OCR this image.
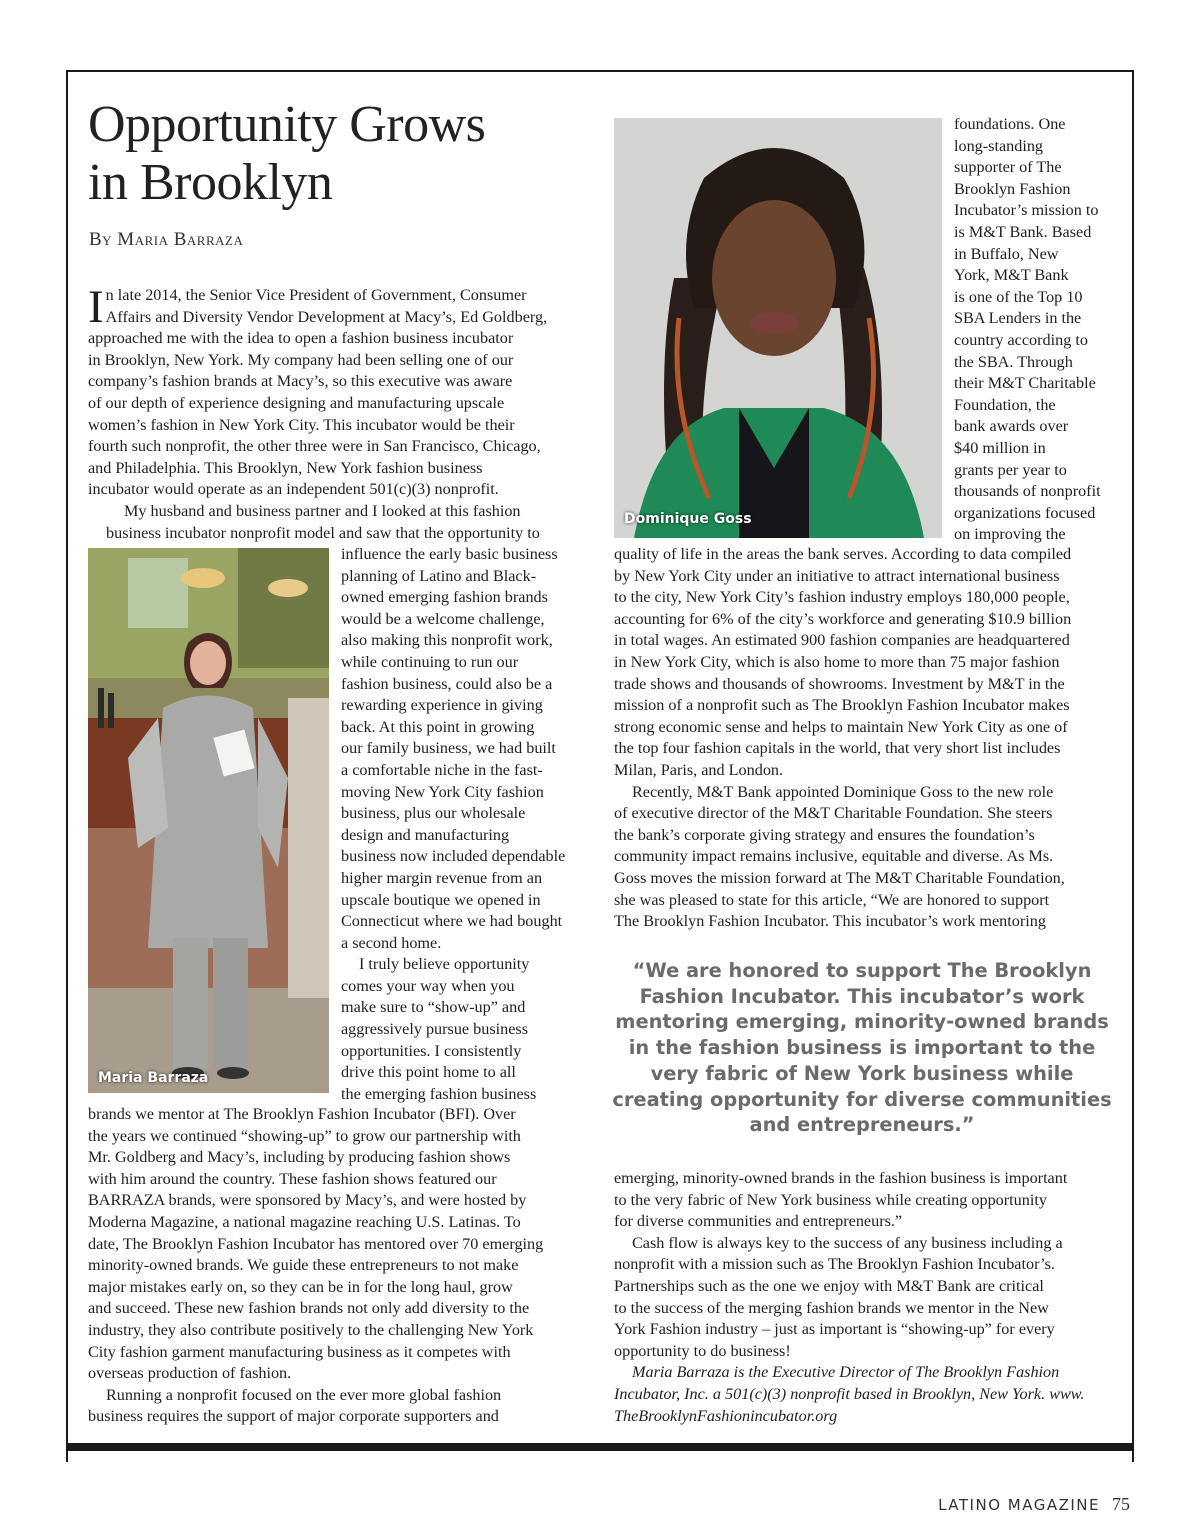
Opportunity Grows
in Brooklyn
By Maria Barraza
I n late 2014, the Senior Vice President of Government, Consumer
Affairs and Diversity Vendor Development at Macy’s, Ed Goldberg,
approached me with the idea to open a fashion business incubator
in Brooklyn, New York. My company had been selling one of our
company’s fashion brands at Macy’s, so this executive was aware
of our depth of experience designing and manufacturing upscale
women’s fashion in New York City. This incubator would be their
fourth such nonprofit, the other three were in San Francisco, Chicago,
and Philadelphia. This Brooklyn, New York fashion business
incubator would operate as an independent 501(c)(3) nonprofit.
My husband and business partner and I looked at this fashion
business incubator nonprofit model and saw that the opportunity to
Maria Barraza
influence the early basic business
planning of Latino and Black-
owned emerging fashion brands
would be a welcome challenge,
also making this nonprofit work,
while continuing to run our
fashion business, could also be a
rewarding experience in giving
back. At this point in growing
our family business, we had built
a comfortable niche in the fast-
moving New York City fashion
business, plus our wholesale
design and manufacturing
business now included dependable
higher margin revenue from an
upscale boutique we opened in
Connecticut where we had bought
a second home.
I truly believe opportunity
comes your way when you
make sure to “show-up” and
aggressively pursue business
opportunities. I consistently
drive this point home to all
the emerging fashion business
brands we mentor at The Brooklyn Fashion Incubator (BFI). Over
the years we continued “showing-up” to grow our partnership with
Mr. Goldberg and Macy’s, including by producing fashion shows
with him around the country. These fashion shows featured our
BARRAZA brands, were sponsored by Macy’s, and were hosted by
Moderna Magazine, a national magazine reaching U.S. Latinas. To
date, The Brooklyn Fashion Incubator has mentored over 70 emerging
minority-owned brands. We guide these entrepreneurs to not make
major mistakes early on, so they can be in for the long haul, grow
and succeed. These new fashion brands not only add diversity to the
industry, they also contribute positively to the challenging New York
City fashion garment manufacturing business as it competes with
overseas production of fashion.
Running a nonprofit focused on the ever more global fashion
business requires the support of major corporate supporters and
Dominique Goss
foundations. One
long-standing
supporter of The
Brooklyn Fashion
Incubator’s mission to
is M&T Bank. Based
in Buffalo, New
York, M&T Bank
is one of the Top 10
SBA Lenders in the
country according to
the SBA. Through
their M&T Charitable
Foundation, the
bank awards over
$40 million in
grants per year to
thousands of nonprofit
organizations focused
on improving the
quality of life in the areas the bank serves. According to data compiled
by New York City under an initiative to attract international business
to the city, New York City’s fashion industry employs 180,000 people,
accounting for 6% of the city’s workforce and generating $10.9 billion
in total wages. An estimated 900 fashion companies are headquartered
in New York City, which is also home to more than 75 major fashion
trade shows and thousands of showrooms. Investment by M&T in the
mission of a nonprofit such as The Brooklyn Fashion Incubator makes
strong economic sense and helps to maintain New York City as one of
the top four fashion capitals in the world, that very short list includes
Milan, Paris, and London.
Recently, M&T Bank appointed Dominique Goss to the new role
of executive director of the M&T Charitable Foundation. She steers
the bank’s corporate giving strategy and ensures the foundation’s
community impact remains inclusive, equitable and diverse. As Ms.
Goss moves the mission forward at The M&T Charitable Foundation,
she was pleased to state for this article, “We are honored to support
The Brooklyn Fashion Incubator. This incubator’s work mentoring
“We are honored to support The Brooklyn Fashion Incubator. This incubator’s work mentoring emerging, minority-owned brands in the fashion business is important to the very fabric of New York business while creating opportunity for diverse communities and entrepreneurs.”
emerging, minority-owned brands in the fashion business is important
to the very fabric of New York business while creating opportunity
for diverse communities and entrepreneurs.”
Cash flow is always key to the success of any business including a
nonprofit with a mission such as The Brooklyn Fashion Incubator’s.
Partnerships such as the one we enjoy with M&T Bank are critical
to the success of the merging fashion brands we mentor in the New
York Fashion industry – just as important is “showing-up” for every
opportunity to do business!
Maria Barraza is the Executive Director of The Brooklyn Fashion
Incubator, Inc. a 501(c)(3) nonprofit based in Brooklyn, New York. www.
TheBrooklynFashionincubator.org
LATINO MAGAZINE 75
